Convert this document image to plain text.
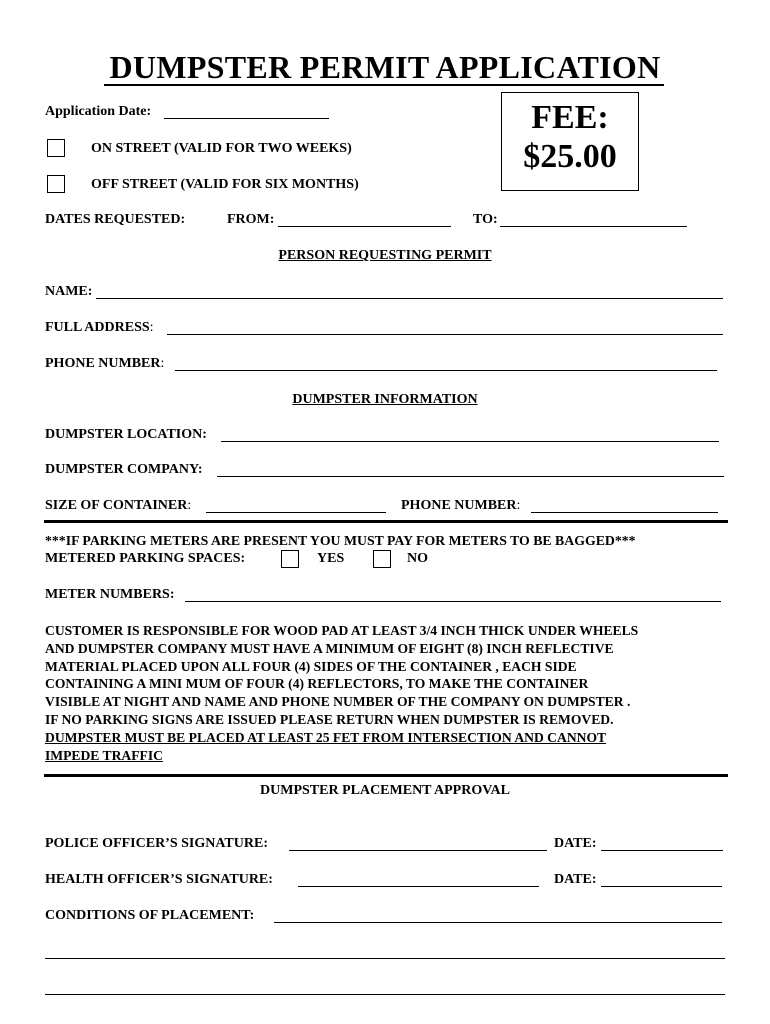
DUMPSTER PERMIT APPLICATION
Application Date:	FEE:
$25.00
ON STREET (VALID FOR TWO WEEKS)
OFF STREET (VALID FOR SIX MONTHS)
DATES REQUESTED:	FROM:	TO:
PERSON REQUESTING PERMIT
NAME:
FULL ADDRESS:
PHONE NUMBER:
DUMPSTER INFORMATION
DUMPSTER LOCATION:
DUMPSTER COMPANY:
SIZE OF CONTAINER:	PHONE NUMBER:
***IF PARKING METERS ARE PRESENT YOU MUST PAY FOR METERS TO BE BAGGED***
METERED PARKING SPACES:	YES	NO
METER NUMBERS:
CUSTOMER IS RESPONSIBLE FOR WOOD PAD AT LEAST 3/4 INCH THICK UNDER WHEELS
AND DUMPSTER COMPANY MUST HAVE A MINIMUM OF EIGHT (8) INCH REFLECTIVE
MATERIAL PLACED UPON ALL FOUR (4) SIDES OF THE CONTAINER , EACH SIDE
CONTAINING A MINI MUM OF FOUR (4) REFLECTORS, TO MAKE THE CONTAINER
VISIBLE AT NIGHT AND NAME AND PHONE NUMBER OF THE COMPANY ON DUMPSTER .
IF NO PARKING SIGNS ARE ISSUED PLEASE RETURN WHEN DUMPSTER IS REMOVED.
DUMPSTER MUST BE PLACED AT LEAST 25 FET FROM INTERSECTION AND CANNOT
IMPEDE TRAFFIC
DUMPSTER PLACEMENT APPROVAL
POLICE OFFICER’S SIGNATURE:	DATE:
HEALTH OFFICER’S SIGNATURE:	DATE:
CONDITIONS OF PLACEMENT:
